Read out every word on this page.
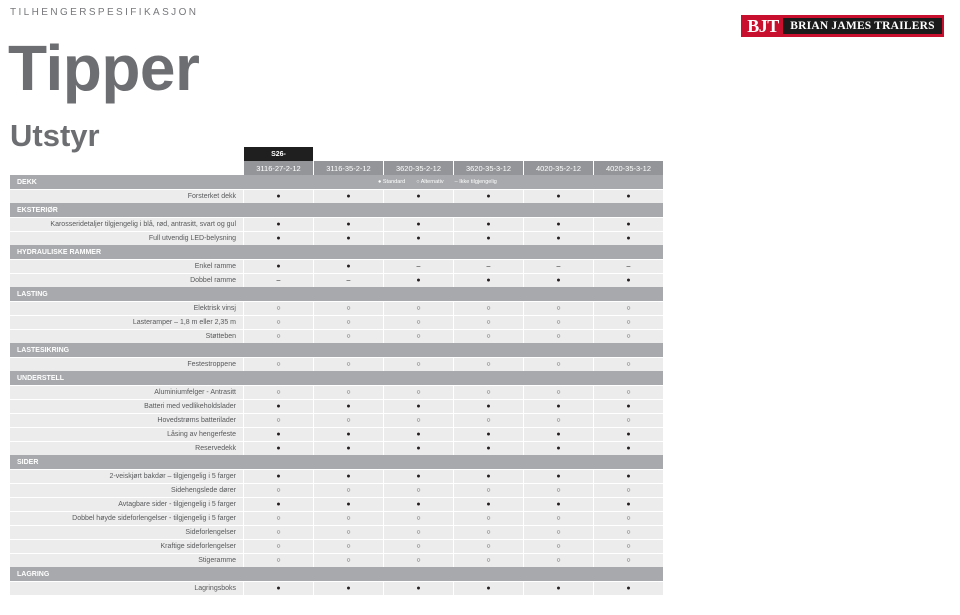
TILHENGERSPESIFIKASJON
Tipper
Utstyr
BJT	BRIAN JAMES TRAILERS
S26-
3116-27-2-12	3116-35-2-12	3620-35-2-12	3620-35-3-12	4020-35-2-12	4020-35-3-12
DEKK	● Standard ○ Alternativ – Ikke tilgjengelig
Forsterket dekk	●	●	●	●	●	●
EKSTERIØR
Karosseridetaljer tilgjengelig i blå, rød, antrasitt, svart og gul	●	●	●	●	●	●
Full utvendig LED-belysning	●	●	●	●	●	●
HYDRAULISKE RAMMER
Enkel ramme	●	●	–	–	–	–
Dobbel ramme	–	–	●	●	●	●
LASTING
Elektrisk vinsj	○	○	○	○	○	○
Lasteramper – 1,8 m eller 2,35 m	○	○	○	○	○	○
Støtteben	○	○	○	○	○	○
LASTESIKRING
Festestroppene	○	○	○	○	○	○
UNDERSTELL
Aluminiumfelger - Antrasitt	○	○	○	○	○	○
Batteri med vedlikeholdslader	●	●	●	●	●	●
Hovedstrøms batterilader	○	○	○	○	○	○
Låsing av hengerfeste	●	●	●	●	●	●
Reservedekk	●	●	●	●	●	●
SIDER
2-veiskjørt bakdør – tilgjengelig i 5 farger	●	●	●	●	●	●
Sidehengslede dører	○	○	○	○	○	○
Avtagbare sider - tilgjengelig i 5 farger	●	●	●	●	●	●
Dobbel høyde sideforlengelser - tilgjengelig i 5 farger	○	○	○	○	○	○
Sideforlengelser	○	○	○	○	○	○
Kraftige sideforlengelser	○	○	○	○	○	○
Stigeramme	○	○	○	○	○	○
LAGRING
Lagringsboks	●	●	●	●	●	●
